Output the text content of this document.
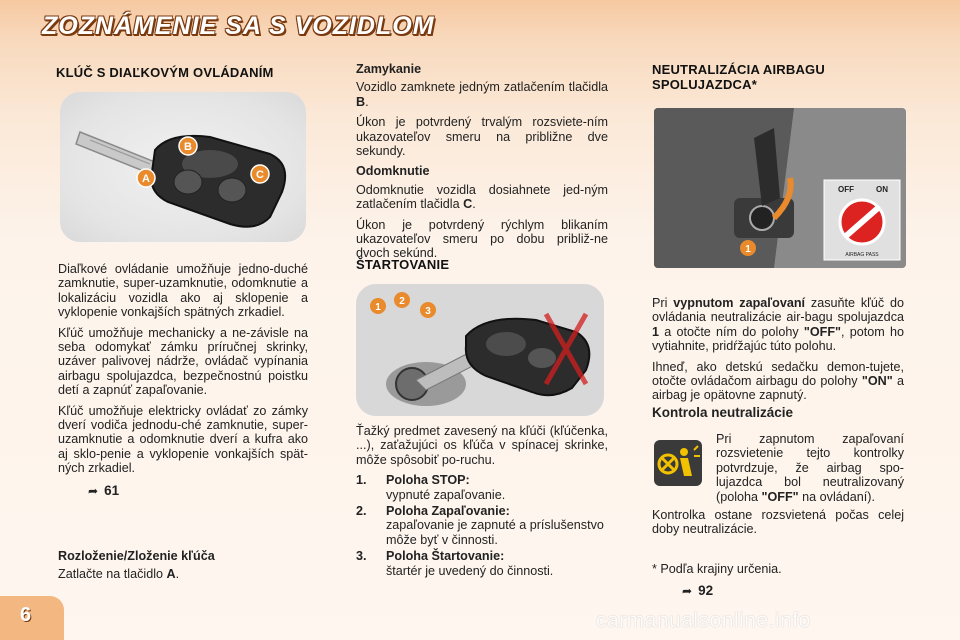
ZOZNÁMENIE SA S VOZIDLOM
KLÚČ S DIAĽKOVÝM OVLÁDANÍM
B
A	C

Diaľkové ovládanie umožňuje jedno-duché zamknutie, super-uzamknutie, odomknutie a lokalizáciu vozidla ako aj sklopenie a vyklopenie vonkajších spätných zrkadiel.

Kľúč umožňuje mechanicky a ne-závisle na seba odomykať zámku príručnej skrinky, uzáver palivovej nádrže, ovládač vypínania airbagu spolujazdca, bezpečnostnú poistku detí a zapnúť zapaľovanie.

Kľúč umožňuje elektricky ovládať zo zámky dverí vodiča jednodu-ché zamknutie, super-uzamknutie a odomknutie dverí a kufra ako aj sklo-penie a vyklopenie vonkajších spät-ných zrkadiel.

➦ 61
Rozloženie/Zloženie kľúča

Zatlačte na tlačidlo A.

Zamykanie

Vozidlo zamknete jedným zatlačením tlačidla B.

Úkon je potvrdený trvalým rozsviete-ním ukazovateľov smeru na približne dve sekundy.

Odomknutie

Odomknutie vozidla dosiahnete jed-ným zatlačením tlačidla C.

Úkon je potvrdený rýchlym blikaním ukazovateľov smeru po dobu približ-ne dvoch sekúnd.

ŠTARTOVANIE
1
2
3

Ťažký predmet zavesený na kľúči (kľúčenka, ...), zaťažujúci os kľúča v spínacej skrinke, môže spôsobiť po-ruchu.

1. Poloha STOP:
vypnuté zapaľovanie.
2. Poloha Zapaľovanie:
zapaľovanie je zapnuté a príslušenstvo môže byť v činnosti.
3. Poloha Štartovanie:
štartér je uvedený do činnosti.
NEUTRALIZÁCIA AIRBAGU SPOLUJAZDCA*
1
OFF	ON
AIRBAG PASS

Pri vypnutom zapaľovaní zasuňte kľúč do ovládania neutralizácie air-bagu spolujazdca 1 a otočte ním do polohy "OFF", potom ho vytiahnite, pridŕžajúc túto polohu.

Ihneď, ako detskú sedačku demon-tujete, otočte ovládačom airbagu do polohy "ON" a airbag je opätovne zapnutý.

Kontrola neutralizácie

Pri zapnutom zapaľovaní rozsvietenie tejto kontrolky potvrdzuje, že airbag spo-lujazdca bol neutralizovaný (poloha "OFF" na ovládaní).

Kontrolka ostane rozsvietená počas celej doby neutralizácie.

* Podľa krajiny určenia.

➦ 92
6	carmanualsonline.info
